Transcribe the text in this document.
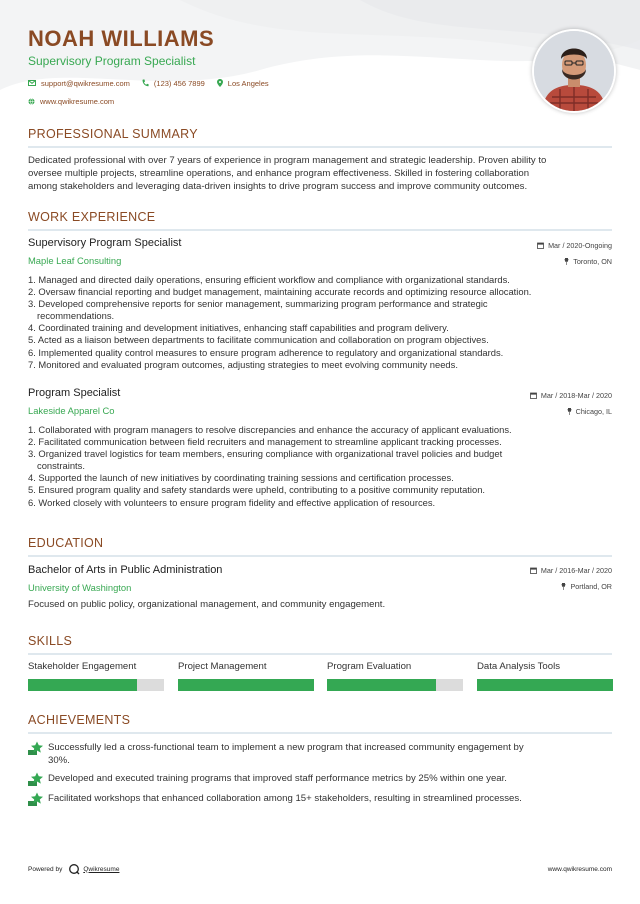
NOAH WILLIAMS
Supervisory Program Specialist
support@qwikresume.com	(123) 456 7899	Los Angeles
www.qwikresume.com
PROFESSIONAL SUMMARY
Dedicated professional with over 7 years of experience in program management and strategic leadership. Proven ability to
oversee multiple projects, streamline operations, and enhance program effectiveness. Skilled in fostering collaboration
among stakeholders and leveraging data-driven insights to drive program success and improve community outcomes.
WORK EXPERIENCE
Supervisory Program Specialist	Mar / 2020-Ongoing
Maple Leaf Consulting	Toronto, ON
1. Managed and directed daily operations, ensuring efficient workflow and compliance with organizational standards.
2. Oversaw financial reporting and budget management, maintaining accurate records and optimizing resource allocation.
3. Developed comprehensive reports for senior management, summarizing program performance and strategic
recommendations.
4. Coordinated training and development initiatives, enhancing staff capabilities and program delivery.
5. Acted as a liaison between departments to facilitate communication and collaboration on program objectives.
6. Implemented quality control measures to ensure program adherence to regulatory and organizational standards.
7. Monitored and evaluated program outcomes, adjusting strategies to meet evolving community needs.
Program Specialist	Mar / 2018-Mar / 2020
Lakeside Apparel Co	Chicago, IL
1. Collaborated with program managers to resolve discrepancies and enhance the accuracy of applicant evaluations.
2. Facilitated communication between field recruiters and management to streamline applicant tracking processes.
3. Organized travel logistics for team members, ensuring compliance with organizational travel policies and budget
constraints.
4. Supported the launch of new initiatives by coordinating training sessions and certification processes.
5. Ensured program quality and safety standards were upheld, contributing to a positive community reputation.
6. Worked closely with volunteers to ensure program fidelity and effective application of resources.
EDUCATION
Bachelor of Arts in Public Administration	Mar / 2016-Mar / 2020
University of Washington	Portland, OR
Focused on public policy, organizational management, and community engagement.
SKILLS
Stakeholder Engagement	Project Management	Program Evaluation	Data Analysis Tools
ACHIEVEMENTS
Successfully led a cross-functional team to implement a new program that increased community engagement by
30%.
Developed and executed training programs that improved staff performance metrics by 25% within one year.
Facilitated workshops that enhanced collaboration among 15+ stakeholders, resulting in streamlined processes.
Powered by	Qwikresume	www.qwikresume.com
